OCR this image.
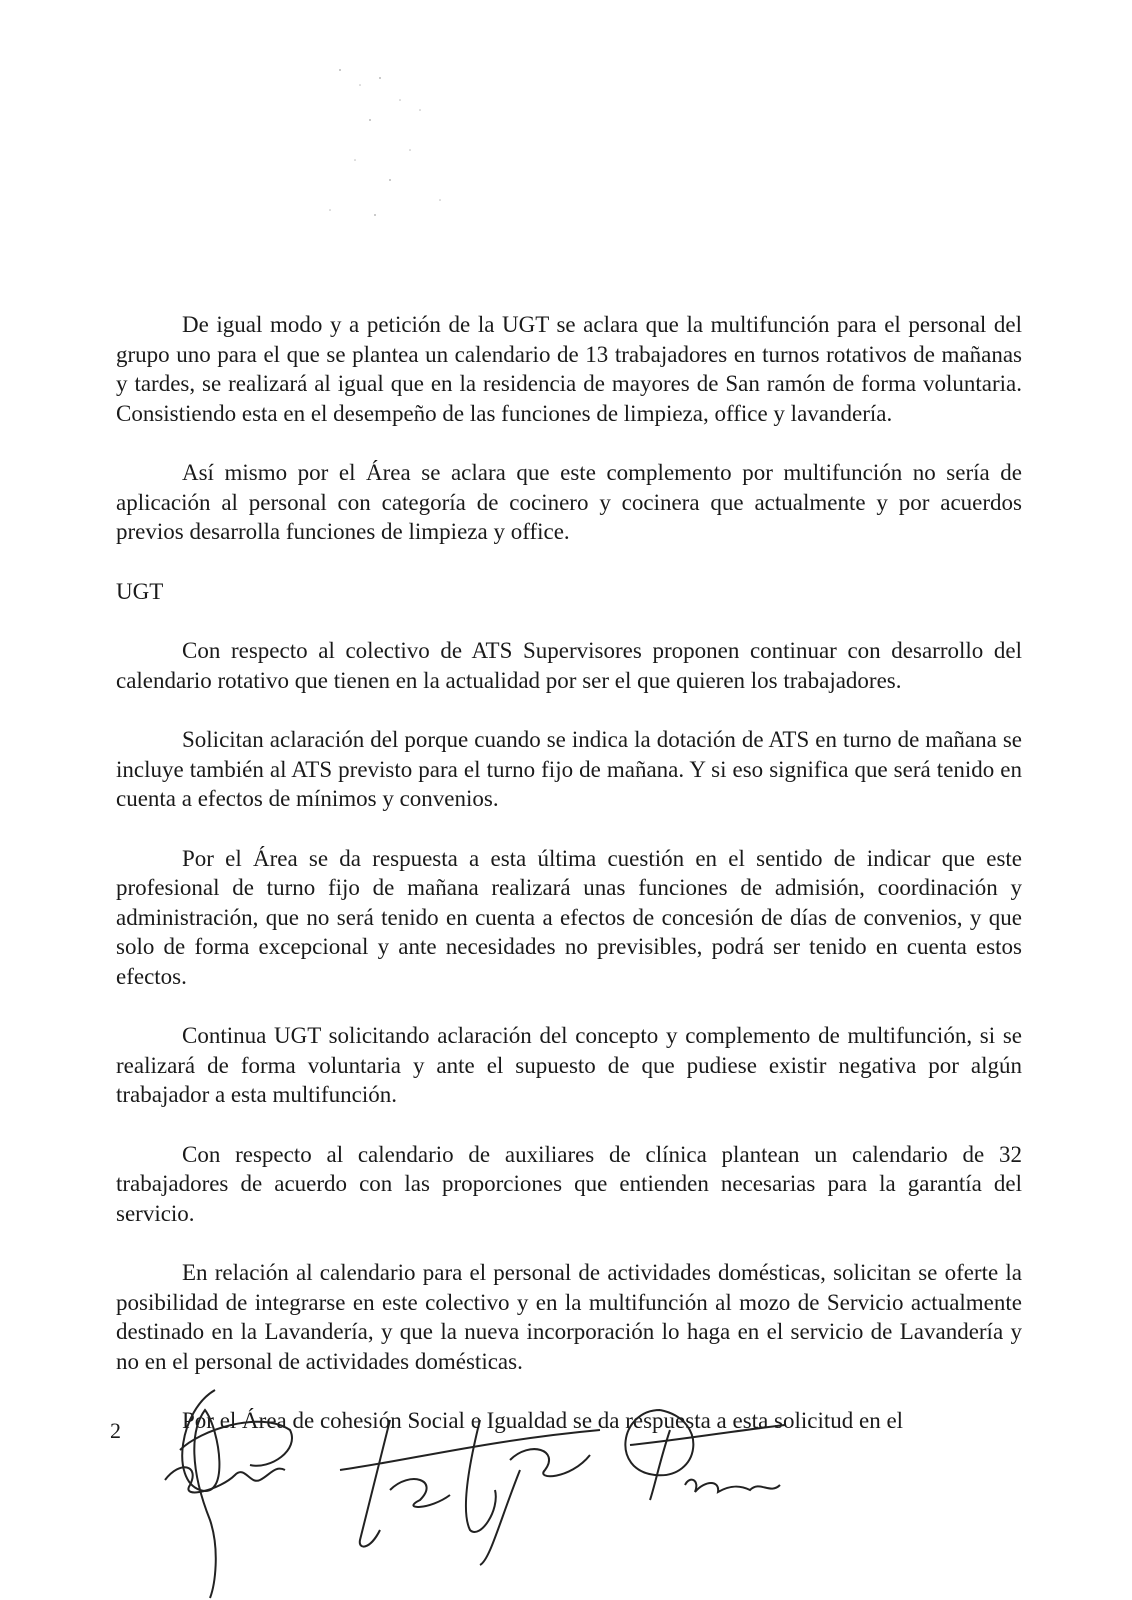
De igual modo y a petición de la UGT se aclara que la multifunción para el personal del grupo uno para el que se plantea un calendario de 13 trabajadores en turnos rotativos de mañanas y tardes, se realizará al igual que en la residencia de mayores de San ramón de forma voluntaria. Consistiendo esta en el desempeño de las funciones de limpieza, office y lavandería.

Así mismo por el Área se aclara que este complemento por multifunción no sería de aplicación al personal con categoría de cocinero y cocinera que actualmente y por acuerdos previos desarrolla funciones de limpieza y office.

UGT

Con respecto al colectivo de ATS Supervisores proponen continuar con desarrollo del calendario rotativo que tienen en la actualidad por ser el que quieren los trabajadores.

Solicitan aclaración del porque cuando se indica la dotación de ATS en turno de mañana se incluye también al ATS previsto para el turno fijo de mañana. Y si eso significa que será tenido en cuenta a efectos de mínimos y convenios.

Por el Área se da respuesta a esta última cuestión en el sentido de indicar que este profesional de turno fijo de mañana realizará unas funciones de admisión, coordinación y administración, que no será tenido en cuenta a efectos de concesión de días de convenios, y que solo de forma excepcional y ante necesidades no previsibles, podrá ser tenido en cuenta estos efectos.

Continua UGT solicitando aclaración del concepto y complemento de multifunción, si se realizará de forma voluntaria y ante el supuesto de que pudiese existir negativa por algún trabajador a esta multifunción.

Con respecto al calendario de auxiliares de clínica plantean un calendario de 32 trabajadores de acuerdo con las proporciones que entienden necesarias para la garantía del servicio.

En relación al calendario para el personal de actividades domésticas, solicitan se oferte la posibilidad de integrarse en este colectivo y en la multifunción al mozo de Servicio actualmente destinado en la Lavandería, y que la nueva incorporación lo haga en el servicio de Lavandería y no en el personal de actividades domésticas.

Por el Área de cohesión Social e Igualdad se da respuesta a esta solicitud en el

2
